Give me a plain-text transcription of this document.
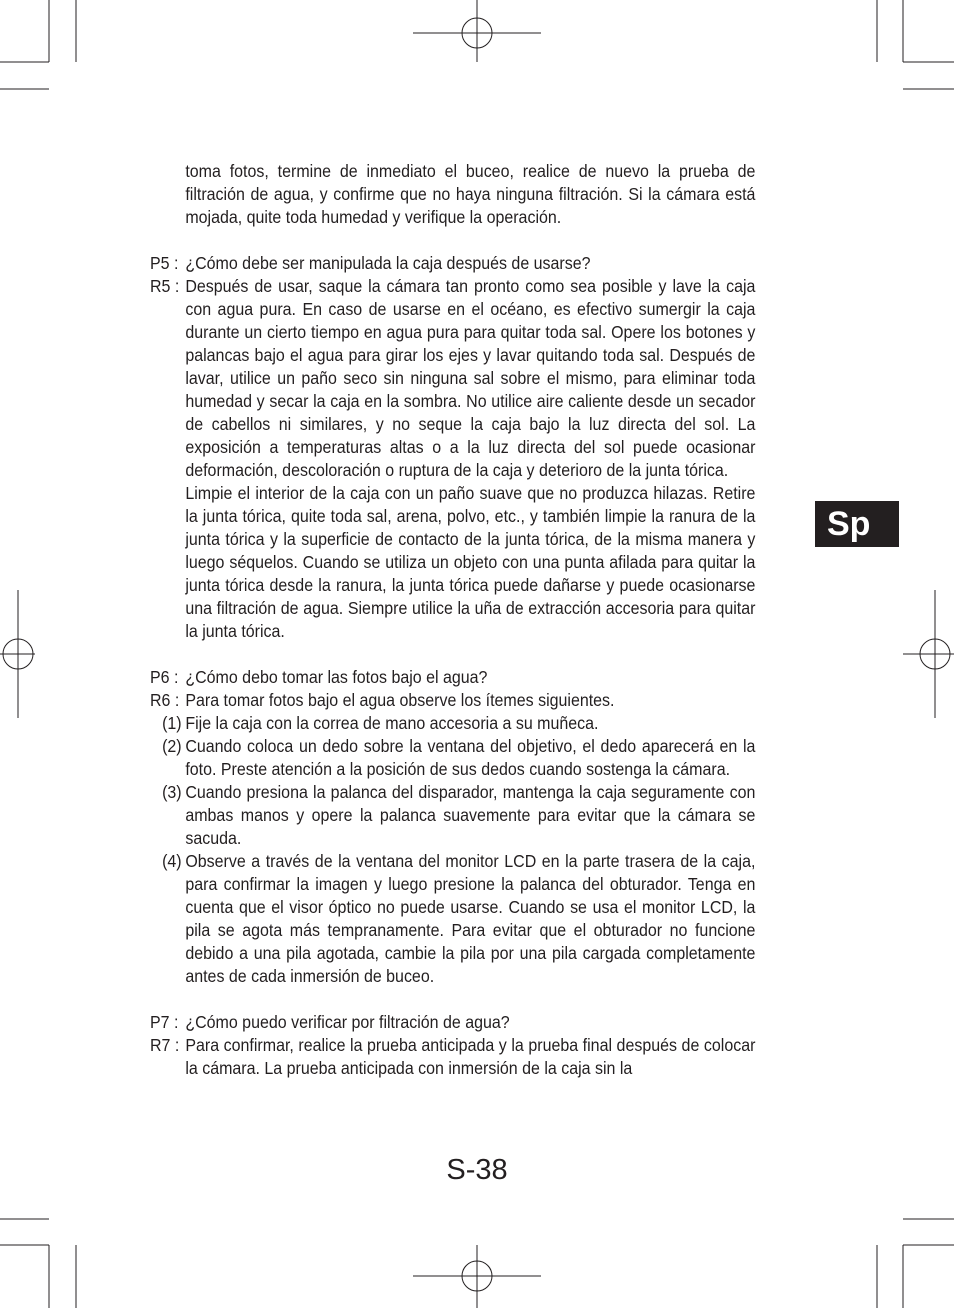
Sp
toma fotos, termine de inmediato el buceo, realice de nuevo la prueba de filtración de agua, y confirme que no haya ninguna filtración. Si la cámara está mojada, quite toda humedad y verifique la operación.
P5 : ¿Cómo debe ser manipulada la caja después de usarse?
R5 : Después de usar, saque la cámara tan pronto como sea posible y lave la caja con agua pura. En caso de usarse en el océano, es efectivo sumergir la caja durante un cierto tiempo en agua pura para quitar toda sal. Opere los botones y palancas bajo el agua para girar los ejes y lavar quitando toda sal. Después de lavar, utilice un paño seco sin ninguna sal sobre el mismo, para eliminar toda humedad y secar la caja en la sombra. No utilice aire caliente desde un secador de cabellos ni similares, y no seque la caja bajo la luz directa del sol. La exposición a temperaturas altas o a la luz directa del sol puede ocasionar deformación, descoloración o ruptura de la caja y deterioro de la junta tórica.
Limpie el interior de la caja con un paño suave que no produzca hilazas. Retire la junta tórica, quite toda sal, arena, polvo, etc., y también limpie la ranura de la junta tórica y la superficie de contacto de la junta tórica, de la misma manera y luego séquelos. Cuando se utiliza un objeto con una punta afilada para quitar la junta tórica desde la ranura, la junta tórica puede dañarse y puede ocasionarse una filtración de agua. Siempre utilice la uña de extracción accesoria para quitar la junta tórica.
P6 : ¿Cómo debo tomar las fotos bajo el agua?
R6 : Para tomar fotos bajo el agua observe los ítemes siguientes.
(1) Fije la caja con la correa de mano accesoria a su muñeca.
(2) Cuando coloca un dedo sobre la ventana del objetivo, el dedo aparecerá en la foto. Preste atención a la posición de sus dedos cuando sostenga la cámara.
(3) Cuando presiona la palanca del disparador, mantenga la caja seguramente con ambas manos y opere la palanca suavemente para evitar que la cámara se sacuda.
(4) Observe a través de la ventana del monitor LCD en la parte trasera de la caja, para confirmar la imagen y luego presione la palanca del obturador. Tenga en cuenta que el visor óptico no puede usarse. Cuando se usa el monitor LCD, la pila se agota más tempranamente. Para evitar que el obturador no funcione debido a una pila agotada, cambie la pila por una pila cargada completamente antes de cada inmersión de buceo.
P7 : ¿Cómo puedo verificar por filtración de agua?
R7 : Para confirmar, realice la prueba anticipada y la prueba final después de colocar la cámara. La prueba anticipada con inmersión de la caja sin la
S-38
